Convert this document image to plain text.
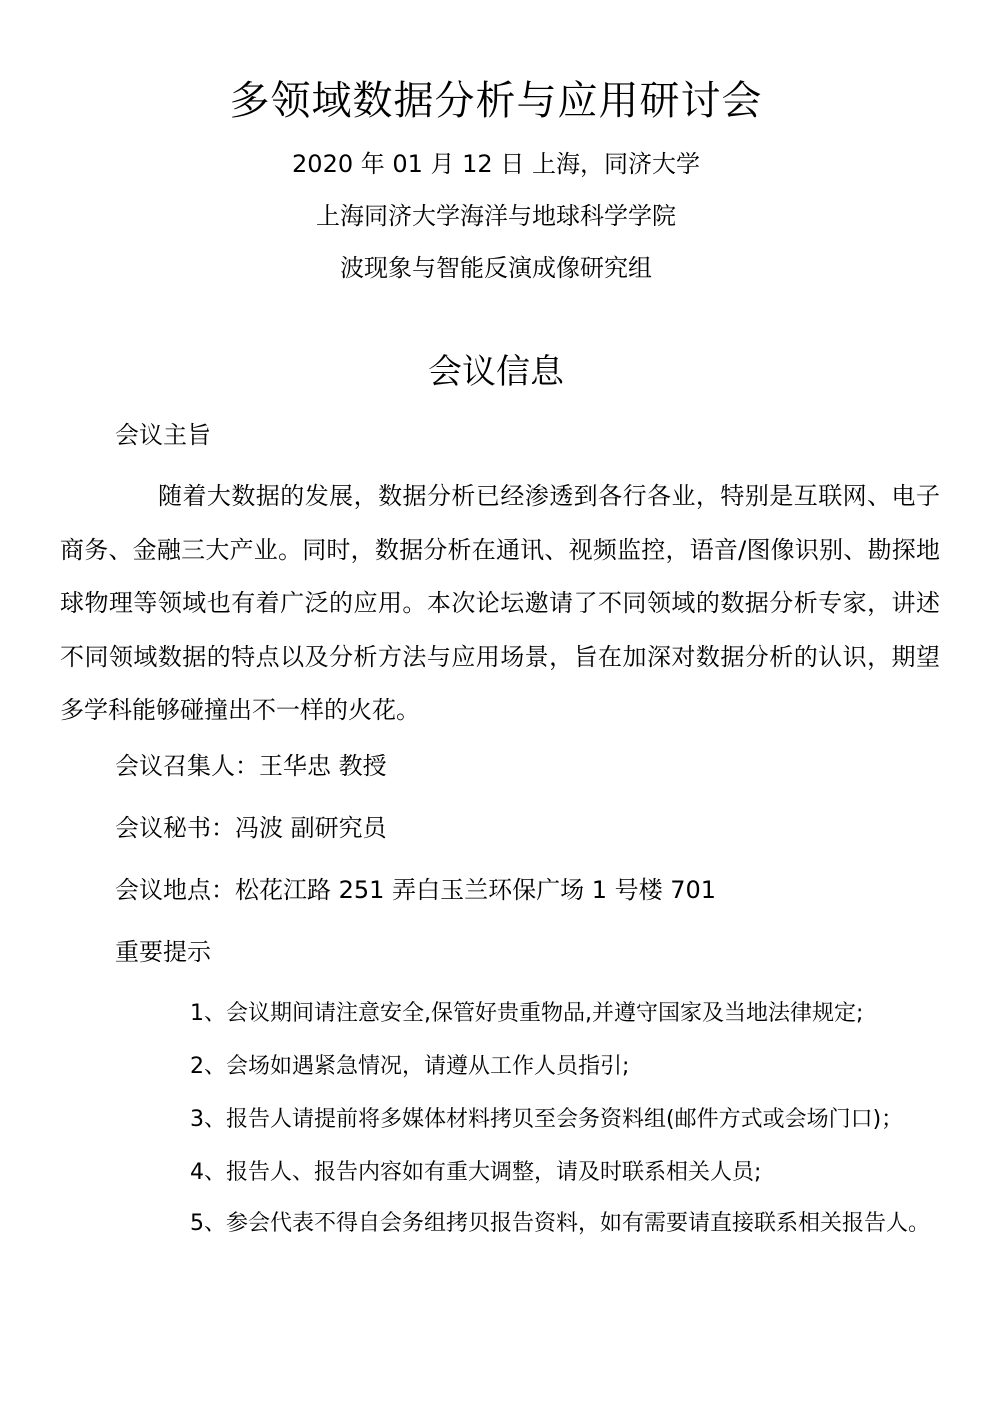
多领域数据分析与应用研讨会
2020 年 01 月 12 日 上海，同济大学
上海同济大学海洋与地球科学学院
波现象与智能反演成像研究组
会议信息
会议主旨
随着大数据的发展，数据分析已经渗透到各行各业，特别是互联网、电子商务、金融三大产业。同时，数据分析在通讯、视频监控，语音/图像识别、勘探地球物理等领域也有着广泛的应用。本次论坛邀请了不同领域的数据分析专家，讲述不同领域数据的特点以及分析方法与应用场景，旨在加深对数据分析的认识，期望多学科能够碰撞出不一样的火花。
会议召集人：王华忠 教授
会议秘书：冯波 副研究员
会议地点：松花江路 251 弄白玉兰环保广场 1 号楼 701
重要提示
1、会议期间请注意安全,保管好贵重物品,并遵守国家及当地法律规定;
2、会场如遇紧急情况，请遵从工作人员指引;
3、报告人请提前将多媒体材料拷贝至会务资料组(邮件方式或会场门口)；
4、报告人、报告内容如有重大调整，请及时联系相关人员;
5、参会代表不得自会务组拷贝报告资料，如有需要请直接联系相关报告人。
